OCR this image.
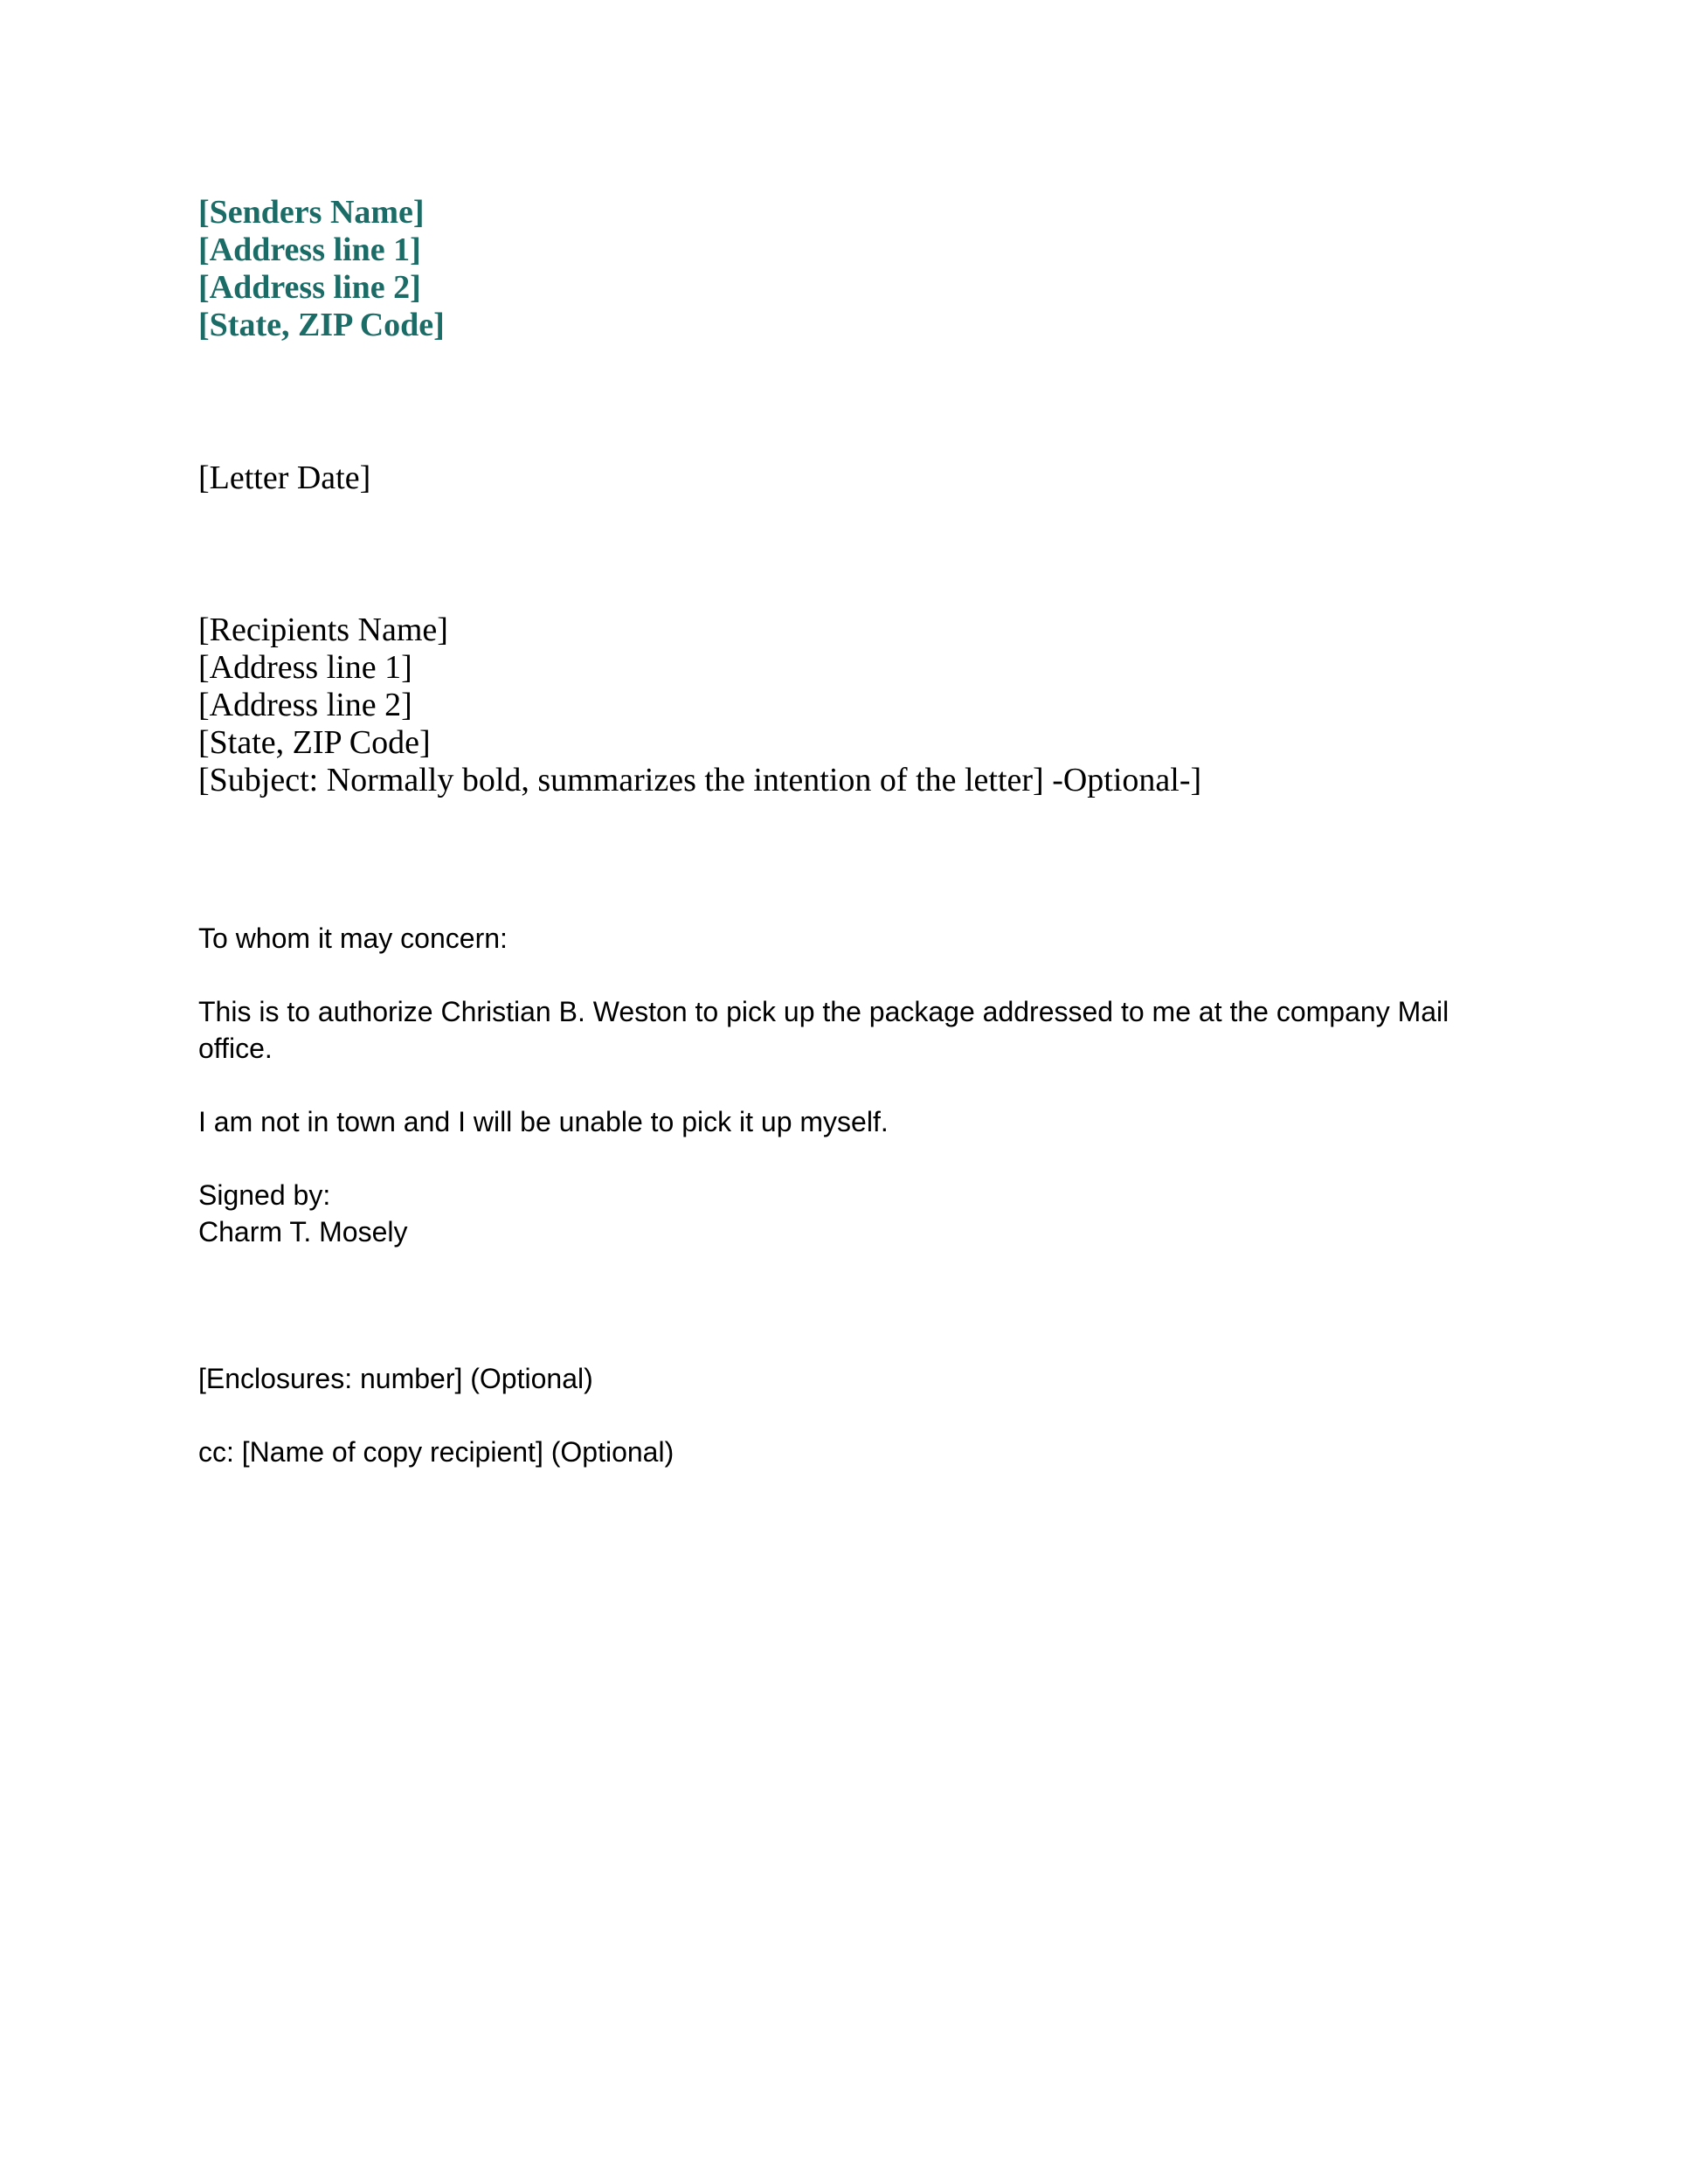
[Senders Name]
[Address line 1]
[Address line 2]
[State, ZIP Code]
[Letter Date]
[Recipients Name]
[Address line 1]
[Address line 2]
[State, ZIP Code]
[Subject: Normally bold, summarizes the intention of the letter] -Optional-]
To whom it may concern:
This is to authorize Christian B. Weston to pick up the package addressed to me at the company Mail office.
I am not in town and I will be unable to pick it up myself.
Signed by:
Charm T. Mosely
[Enclosures: number] (Optional)
cc: [Name of copy recipient] (Optional)
